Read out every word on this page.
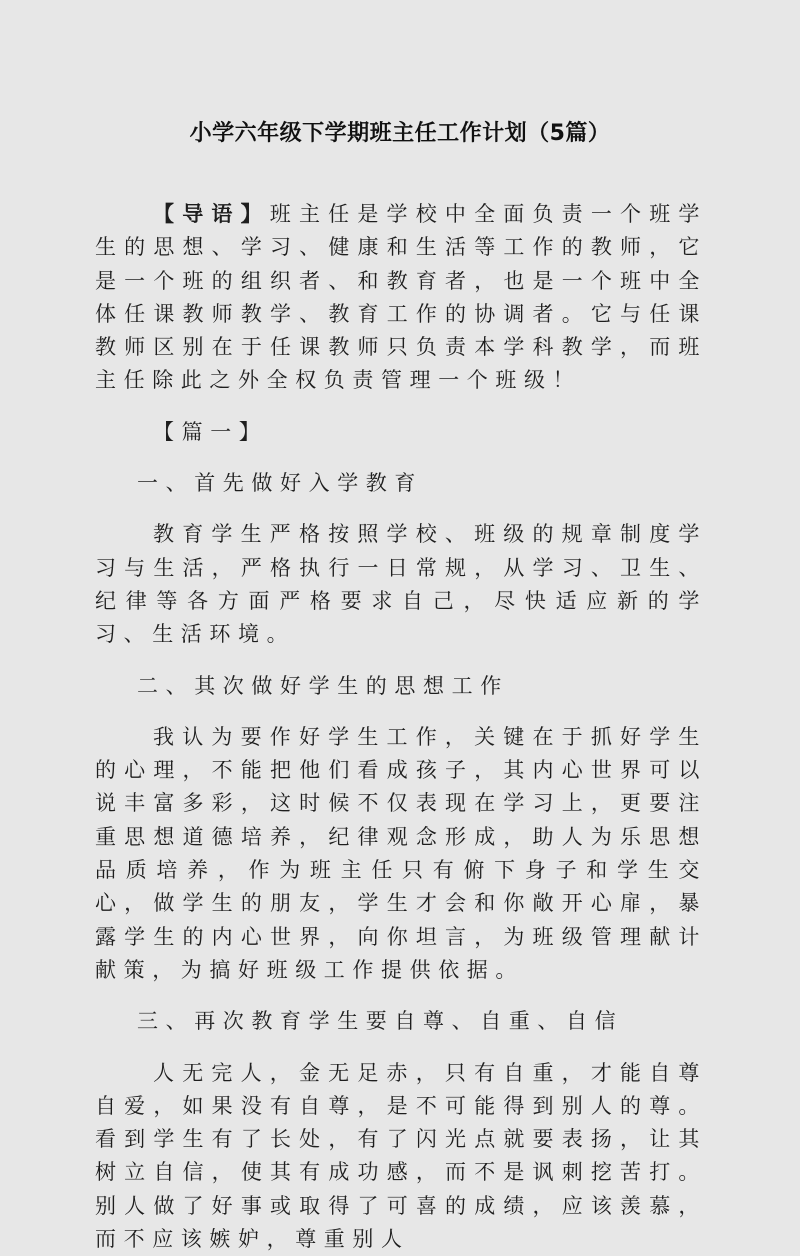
小学六年级下学期班主任工作计划（5篇）

【导语】班主任是学校中全面负责一个班学生的思想、学习、健康和生活等工作的教师，它是一个班的组织者、和教育者，也是一个班中全体任课教师教学、教育工作的协调者。它与任课教师区别在于任课教师只负责本学科教学，而班主任除此之外全权负责管理一个班级！

【篇一】

一、首先做好入学教育

教育学生严格按照学校、班级的规章制度学习与生活，严格执行一日常规，从学习、卫生、纪律等各方面严格要求自己，尽快适应新的学习、生活环境。

二、其次做好学生的思想工作

我认为要作好学生工作，关键在于抓好学生的心理，不能把他们看成孩子，其内心世界可以说丰富多彩，这时候不仅表现在学习上，更要注重思想道德培养，纪律观念形成，助人为乐思想品质培养，作为班主任只有俯下身子和学生交心，做学生的朋友，学生才会和你敞开心扉，暴露学生的内心世界，向你坦言，为班级管理献计献策，为搞好班级工作提供依据。

三、再次教育学生要自尊、自重、自信

人无完人，金无足赤，只有自重，才能自尊自爱，如果没有自尊，是不可能得到别人的尊。看到学生有了长处，有了闪光点就要表扬，让其树立自信，使其有成功感，而不是讽刺挖苦打。别人做了好事或取得了可喜的成绩，应该羡慕，而不应该嫉妒，尊重别人
